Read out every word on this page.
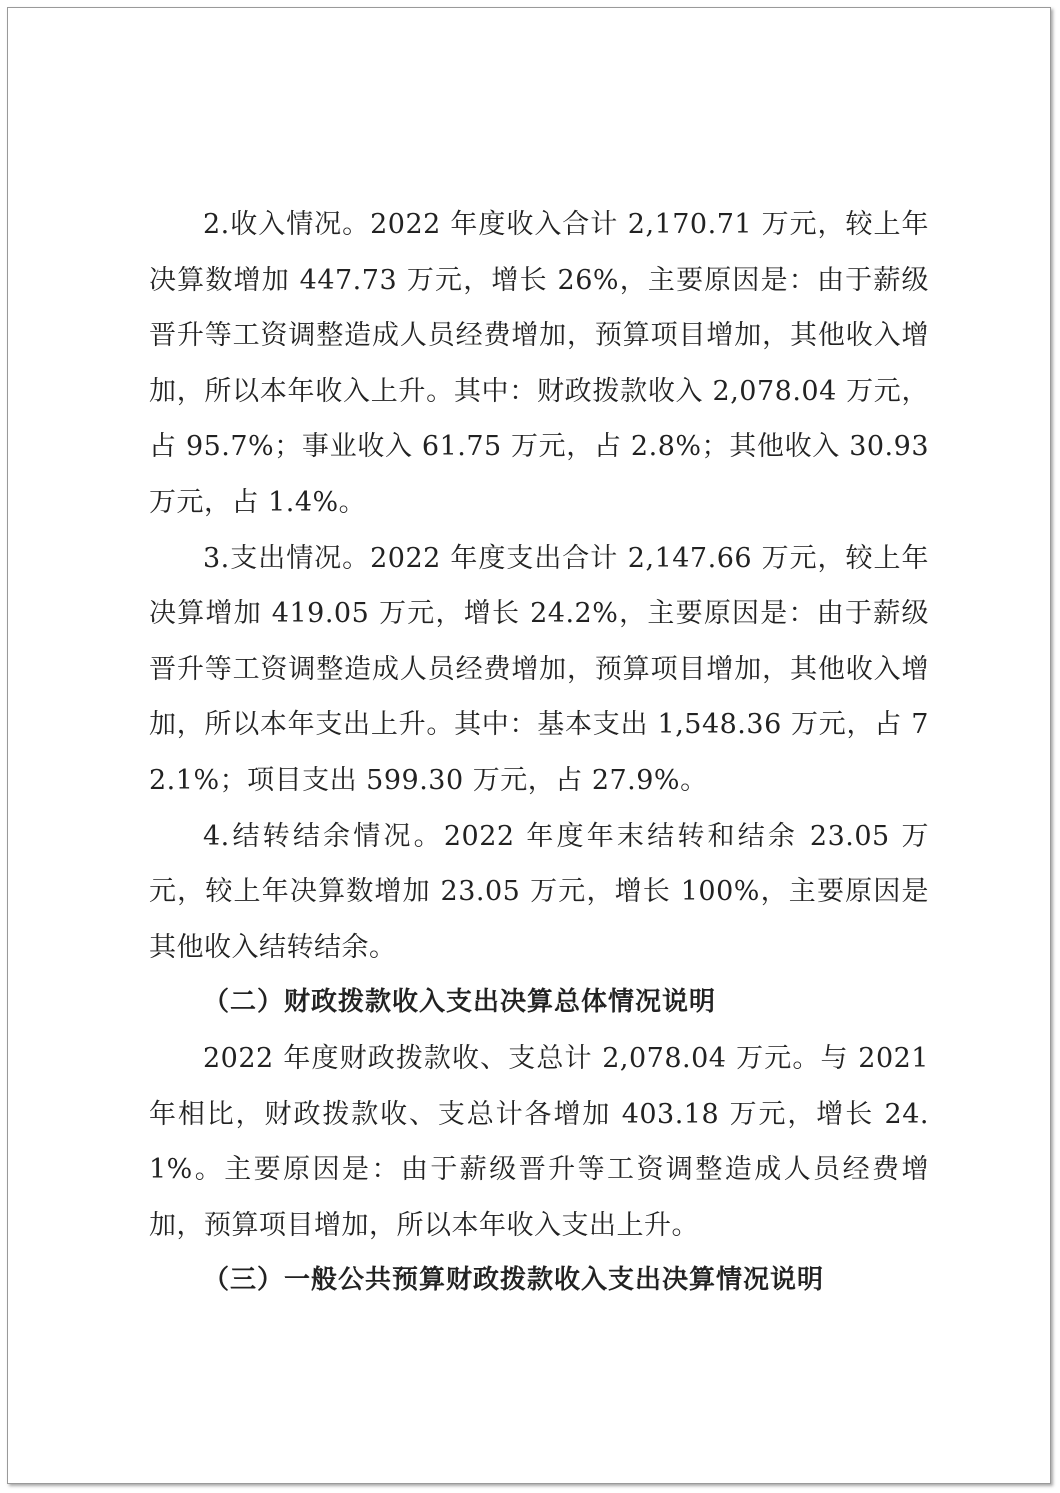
2.收入情况。2022 年度收入合计 2,170.71 万元，较上年决算数增加 447.73 万元，增长 26%，主要原因是：由于薪级晋升等工资调整造成人员经费增加，预算项目增加，其他收入增加，所以本年收入上升。其中：财政拨款收入 2,078.04 万元，占 95.7%；事业收入 61.75 万元，占 2.8%；其他收入 30.93 万元，占 1.4%。

3.支出情况。2022 年度支出合计 2,147.66 万元，较上年决算增加 419.05 万元，增长 24.2%，主要原因是：由于薪级晋升等工资调整造成人员经费增加，预算项目增加，其他收入增加，所以本年支出上升。其中：基本支出 1,548.36 万元，占 72.1%；项目支出 599.30 万元，占 27.9%。

4.结转结余情况。2022 年度年末结转和结余 23.05 万元，较上年决算数增加 23.05 万元，增长 100%，主要原因是其他收入结转结余。

（二）财政拨款收入支出决算总体情况说明

2022 年度财政拨款收、支总计 2,078.04 万元。与 2021 年相比，财政拨款收、支总计各增加 403.18 万元，增长 24.1%。主要原因是：由于薪级晋升等工资调整造成人员经费增加，预算项目增加，所以本年收入支出上升。

（三）一般公共预算财政拨款收入支出决算情况说明
